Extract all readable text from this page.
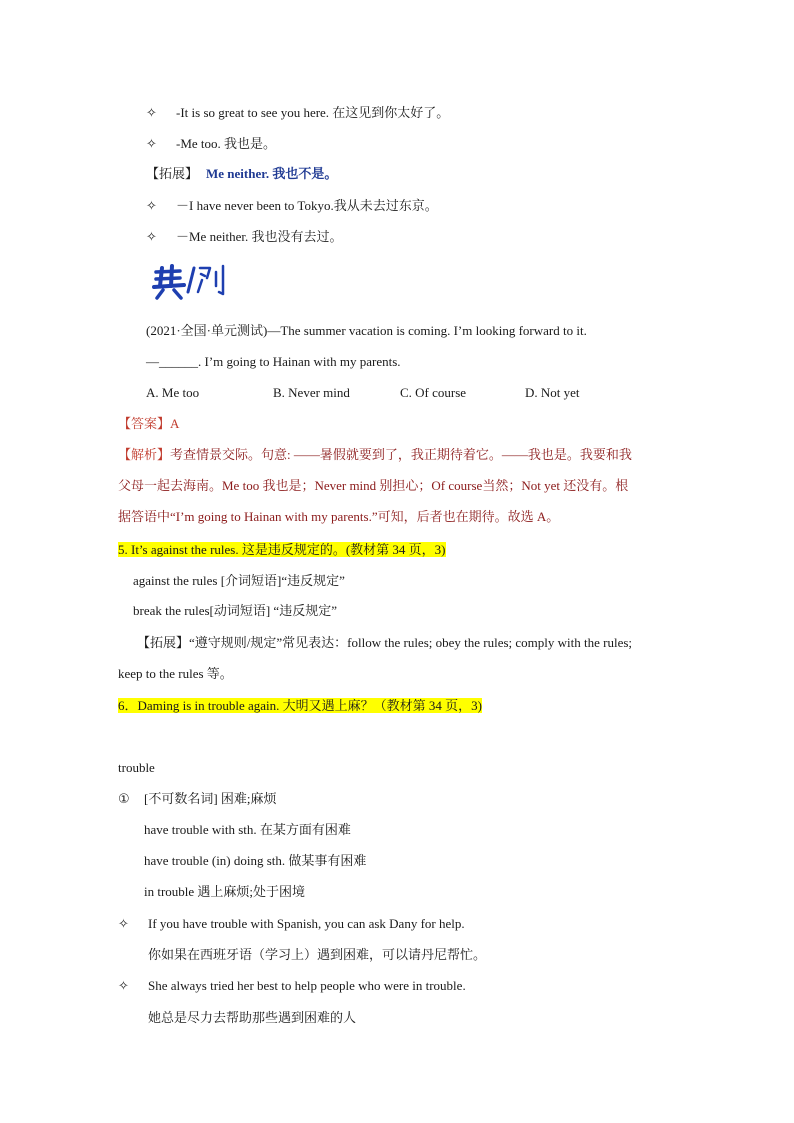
✧ -It is so great to see you here. 在这见到你太好了。
✧ -Me too. 我也是。
【拓展】 Me neither. 我也不是。
✧ －I have never been to Tokyo.我从未去过东京。
✧ －Me neither. 我也没有去过。
(2021·全国·单元测试)—The summer vacation is coming. I’m looking forward to it.
—______. I’m going to Hainan with my parents.
A. Me too	B. Never mind	C. Of course	D. Not yet
【答案】A
【解析】考查情景交际。句意: ——暑假就要到了，我正期待着它。——我也是。我要和我
父母一起去海南。Me too 我也是；Never mind 别担心；Of course当然；Not yet 还没有。根
据答语中“I’m going to Hainan with my parents.”可知，后者也在期待。故选 A。
5. It’s against the rules. 这是违反规定的。(教材第 34 页，3)
against the rules [介词短语]“违反规定”
break the rules[动词短语] “违反规定”
【拓展】“遵守规则/规定”常见表达：follow the rules; obey the rules; comply with the rules;
keep to the rules 等。
6．Daming is in trouble again. 大明又遇上麻？（教材第 34 页，3)
trouble
① [不可数名词] 困难;麻烦
have trouble with sth. 在某方面有困难
have trouble (in) doing sth. 做某事有困难
in trouble 遇上麻烦;处于困境
✧ If you have trouble with Spanish, you can ask Dany for help.
你如果在西班牙语（学习上）遇到困难，可以请丹尼帮忙。
✧ She always tried her best to help people who were in trouble.
她总是尽力去帮助那些遇到困难的人
